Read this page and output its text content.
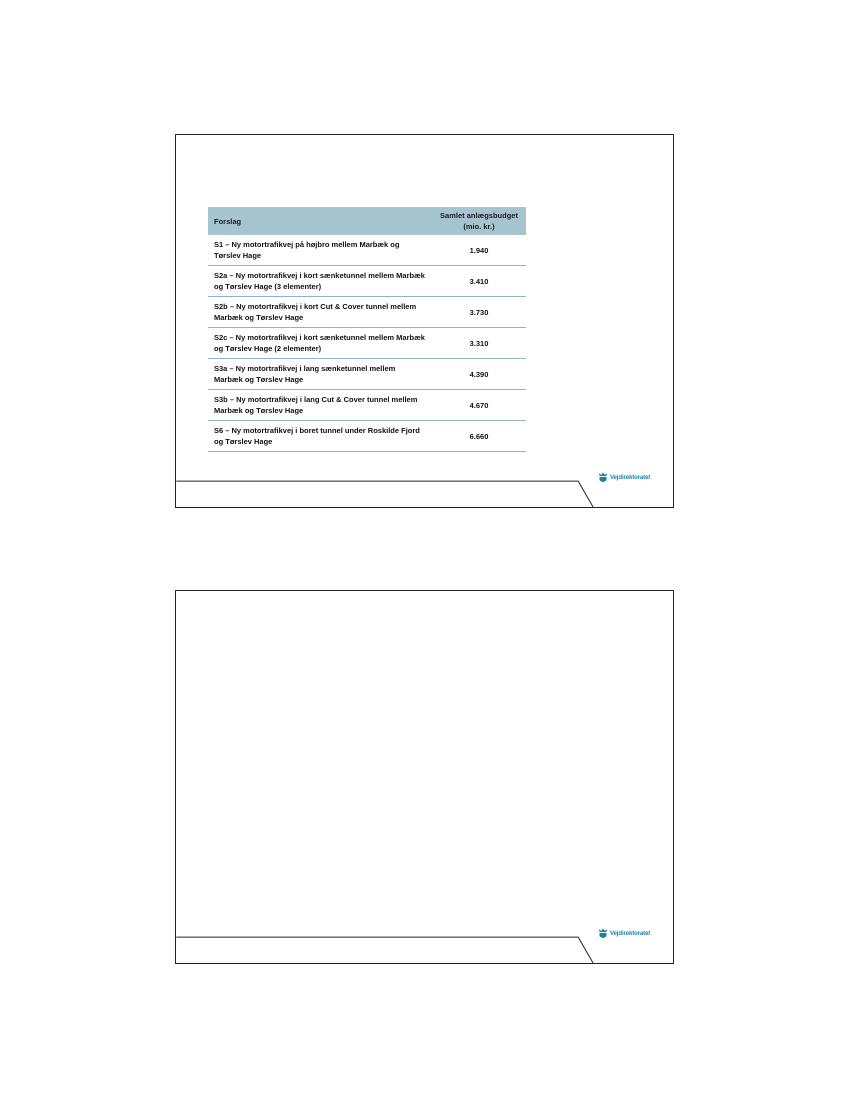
Forslag	Samlet anlægsbudget (mio. kr.)
S1 – Ny motortrafikvej på højbro mellem Marbæk og Tørslev Hage	1.940
S2a – Ny motortrafikvej i kort sænketunnel mellem Marbæk og Tørslev Hage (3 elementer)	3.410
S2b – Ny motortrafikvej i kort Cut & Cover tunnel mellem Marbæk og Tørslev Hage	3.730
S2c – Ny motortrafikvej i kort sænketunnel mellem Marbæk og Tørslev Hage (2 elementer)	3.310
S3a – Ny motortrafikvej i lang sænketunnel mellem Marbæk og Tørslev Hage	4.390
S3b – Ny motortrafikvej i lang Cut & Cover tunnel mellem Marbæk og Tørslev Hage	4.670
S6 – Ny motortrafikvej i boret tunnel under Roskilde Fjord og Tørslev Hage	6.660
Vejdirektoratet
Vejdirektoratet
